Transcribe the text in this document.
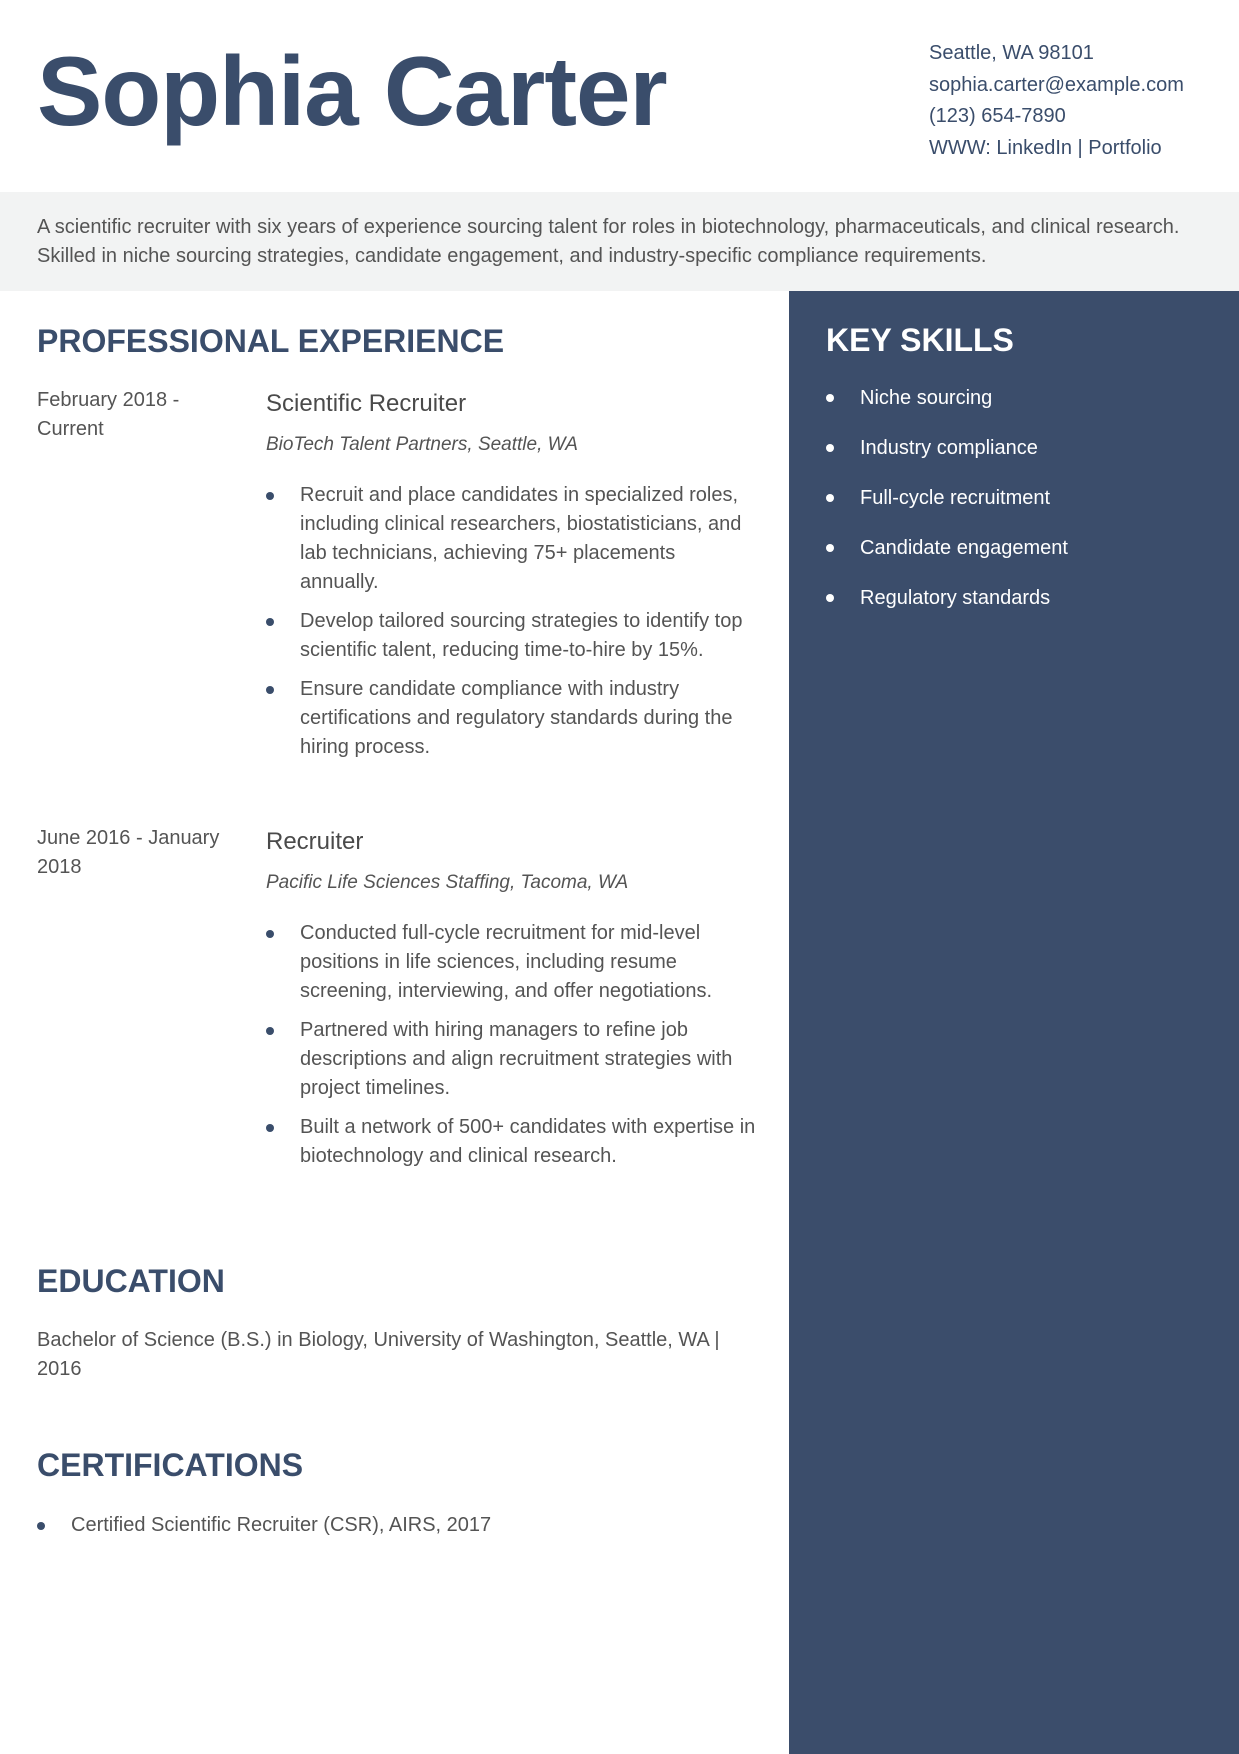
Sophia Carter	Seattle, WA 98101
sophia.carter@example.com
(123) 654-7890
WWW: LinkedIn | Portfolio

A scientific recruiter with six years of experience sourcing talent for roles in biotechnology, pharmaceuticals, and clinical research. Skilled in niche sourcing strategies, candidate engagement, and industry-specific compliance requirements.

PROFESSIONAL EXPERIENCE
February 2018 - Current
Scientific Recruiter
BioTech Talent Partners, Seattle, WA
Recruit and place candidates in specialized roles, including clinical researchers, biostatisticians, and lab technicians, achieving 75+ placements annually.
Develop tailored sourcing strategies to identify top scientific talent, reducing time-to-hire by 15%.
Ensure candidate compliance with industry certifications and regulatory standards during the hiring process.
June 2016 - January 2018
Recruiter
Pacific Life Sciences Staffing, Tacoma, WA
Conducted full-cycle recruitment for mid-level positions in life sciences, including resume screening, interviewing, and offer negotiations.
Partnered with hiring managers to refine job descriptions and align recruitment strategies with project timelines.
Built a network of 500+ candidates with expertise in biotechnology and clinical research.
EDUCATION

Bachelor of Science (B.S.) in Biology, University of Washington, Seattle, WA | 2016

CERTIFICATIONS
Certified Scientific Recruiter (CSR), AIRS, 2017
KEY SKILLS
Niche sourcing
Industry compliance
Full-cycle recruitment
Candidate engagement
Regulatory standards
